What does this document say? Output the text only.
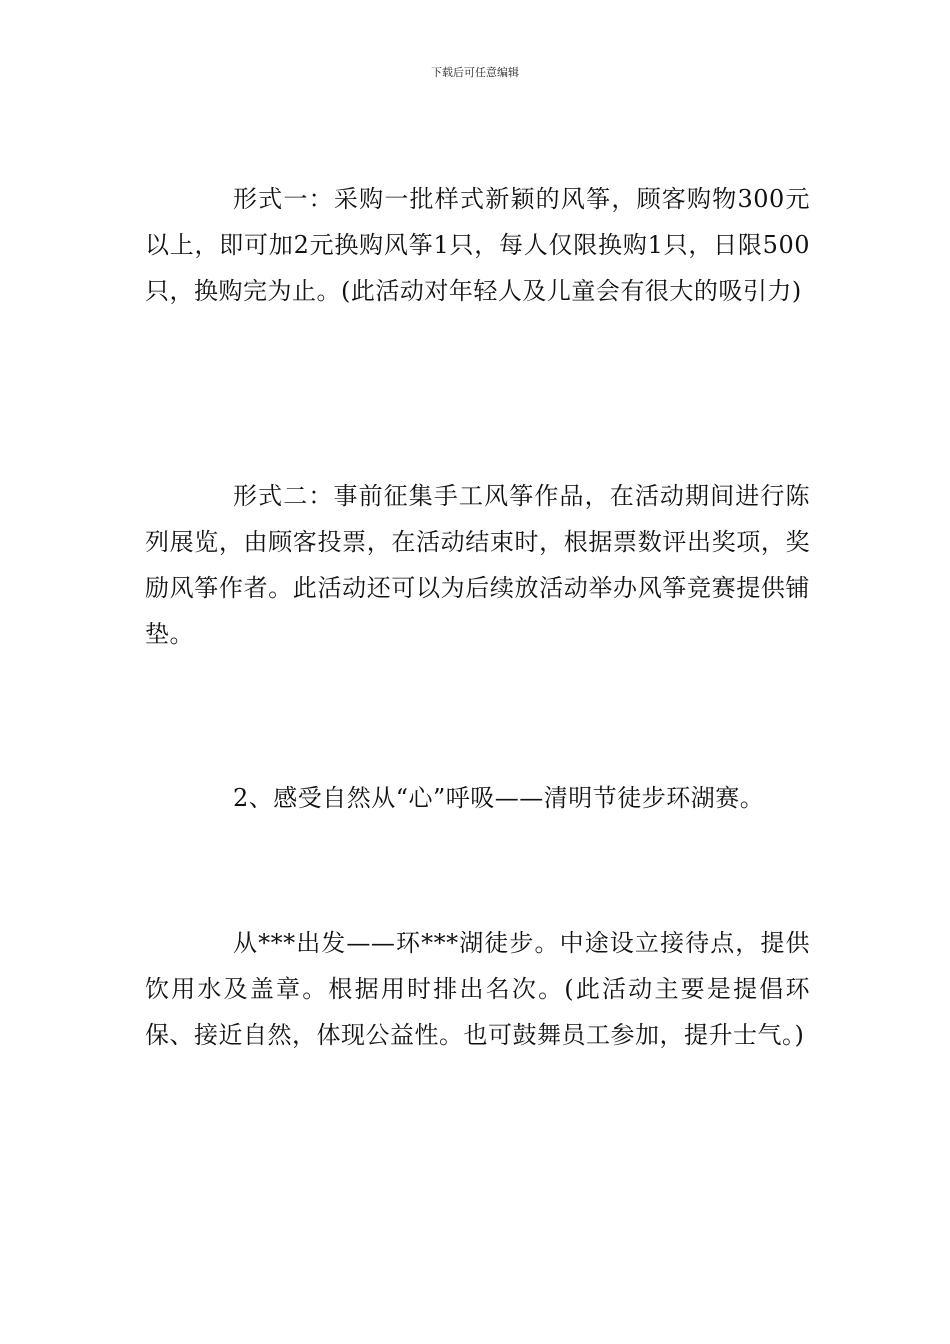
下载后可任意编辑

形式一：采购一批样式新颖的风筝，顾客购物300元以上，即可加2元换购风筝1只，每人仅限换购1只，日限500只，换购完为止。(此活动对年轻人及儿童会有很大的吸引力)

形式二：事前征集手工风筝作品，在活动期间进行陈列展览，由顾客投票，在活动结束时，根据票数评出奖项，奖励风筝作者。此活动还可以为后续放活动举办风筝竞赛提供铺垫。

2、感受自然从“心”呼吸——清明节徒步环湖赛。

从***出发——环***湖徒步。中途设立接待点，提供饮用水及盖章。根据用时排出名次。(此活动主要是提倡环保、接近自然，体现公益性。也可鼓舞员工参加，提升士气。)
